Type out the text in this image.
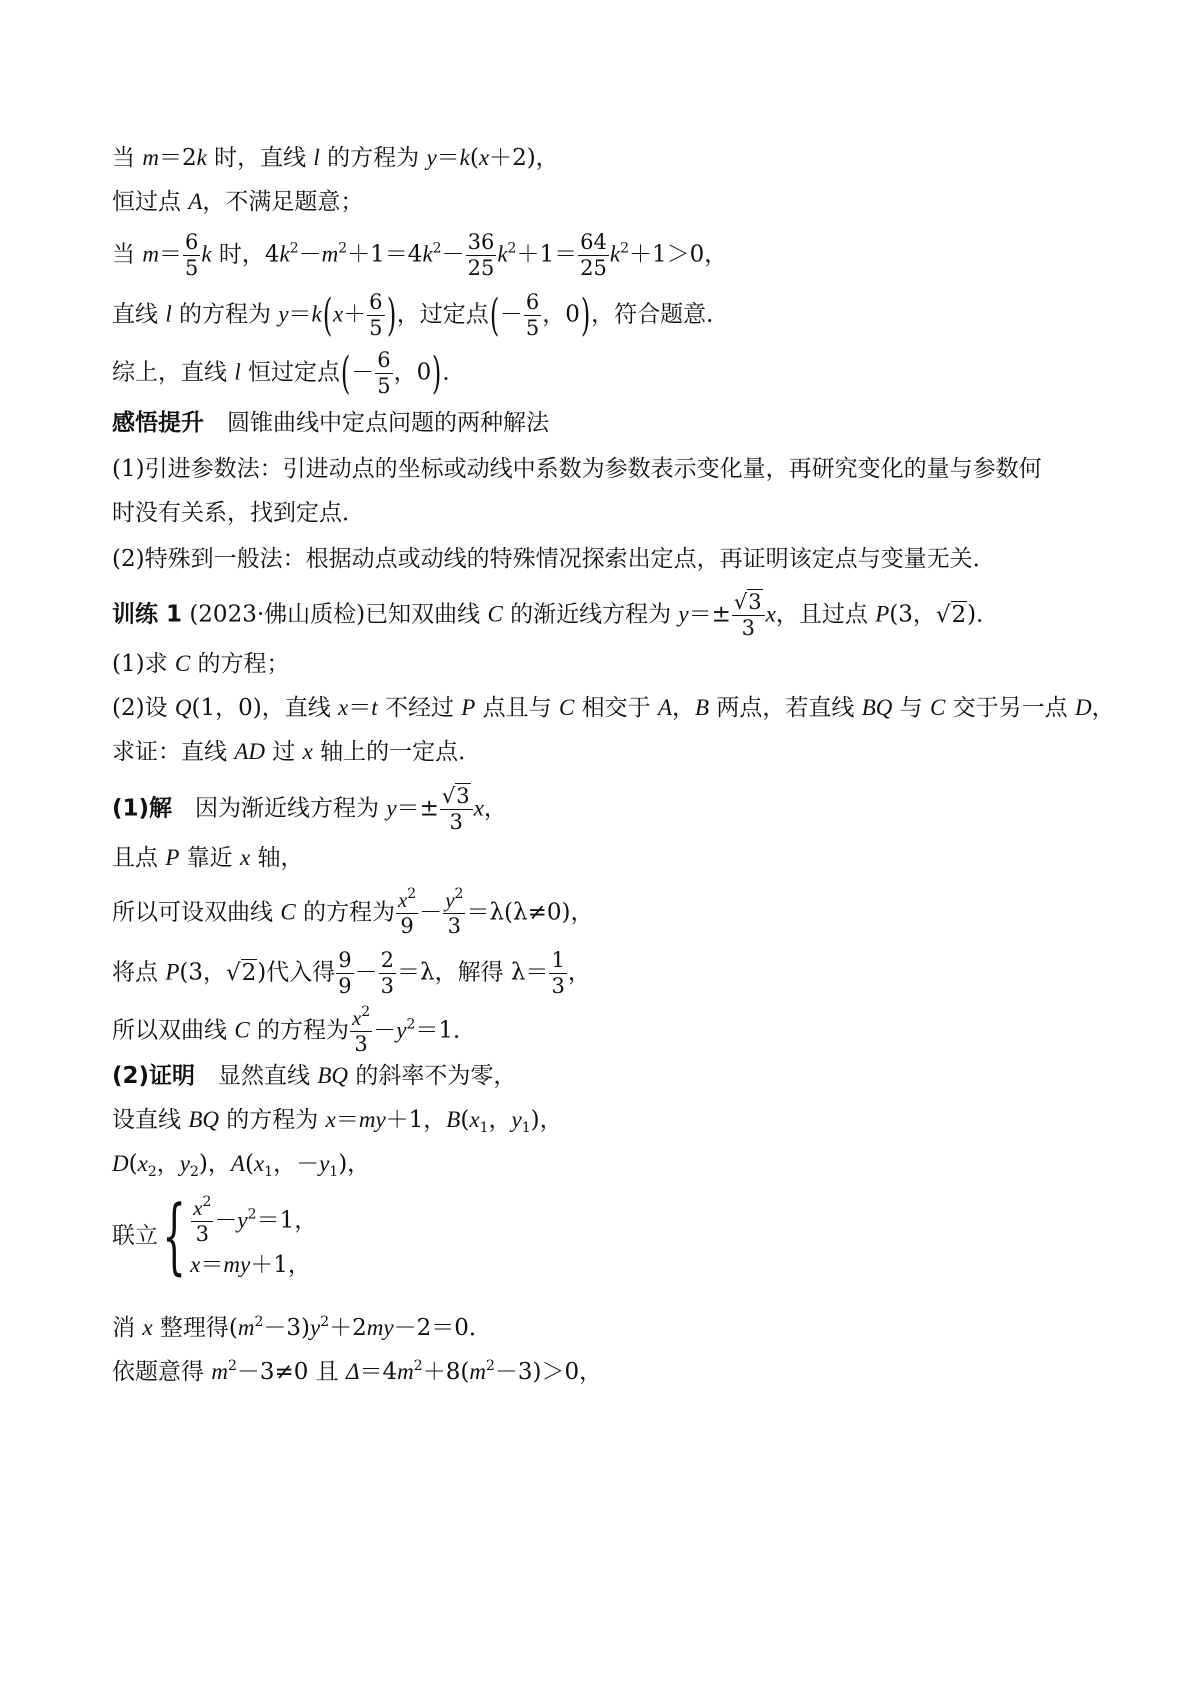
当 m＝2k 时，直线 l 的方程为 y＝k(x＋2)，
恒过点 A，不满足题意；
当 $m= \frac{6}{5}$ k 时，$4k^2-m^2+1=4k^2- \frac{36}{25} k^2+1= \frac{64}{25} k^2+1>0$，
直线 l 的方程为 $y=k(x+ \frac{6}{5}$ )，过定点(－ $\frac{6}{5}$ ，0)，符合题意．
综上，直线 l 恒过定点(－ $\frac{6}{5}$ ，0)．
感悟提升　 圆锥曲线中定点问题的两种解法
(1)引进参数法：引进动点的坐标或动线中系数为参数表示变化量，再研究变化的量与参数何
时没有关系，找到定点．
(2)特殊到一般法：根据动点或动线的特殊情况探索出定点，再证明该定点与变量无关．
训练 1 (2023·佛山质检)已知双曲线 C 的渐近线方程为 $y=\pm \frac{√3}{3}$ x，且过点 P(3，√2)．
(1)求 C 的方程；
(2)设 Q(1，0)，直线 x＝t 不经过 P 点且与 C 相交于 A，B 两点，若直线 BQ 与 C 交于另一点 D，
求证：直线 AD 过 x 轴上的一定点．
(1)解　因为渐近线方程为 $y=\pm \frac{√3}{3}$ x，
且点 P 靠近 x 轴，
所以可设双曲线 C 的方程为 $\frac{x^2}{9} - \frac{y^2}{3} =\lambda(\lambda\ne 0)$，
将点 P(3，√2)代入得 $\frac{9}{9} - \frac{2}{3} =\lambda$，解得 $\lambda= \frac{1}{3}$ ，
所以双曲线 C 的方程为 $\frac{x^2}{3} -y^2=1$．
(2)证明　显然直线 BQ 的斜率不为零，
设直线 BQ 的方程为 x＝my＋1，$B(x_1$，$y_1$)，
$D(x_2$，$y_2$)，$A(x_1$，$-y_1$)，
联立{ $\frac{x^2}{3} -y^2=1$，
x＝my＋1，
消 x 整理得$(m^2-3)y^2+2my-2=0$．
依题意得 $m^2-3\ne 0$ 且 $\Delta=4m^2+8(m^2-3)>0$，
